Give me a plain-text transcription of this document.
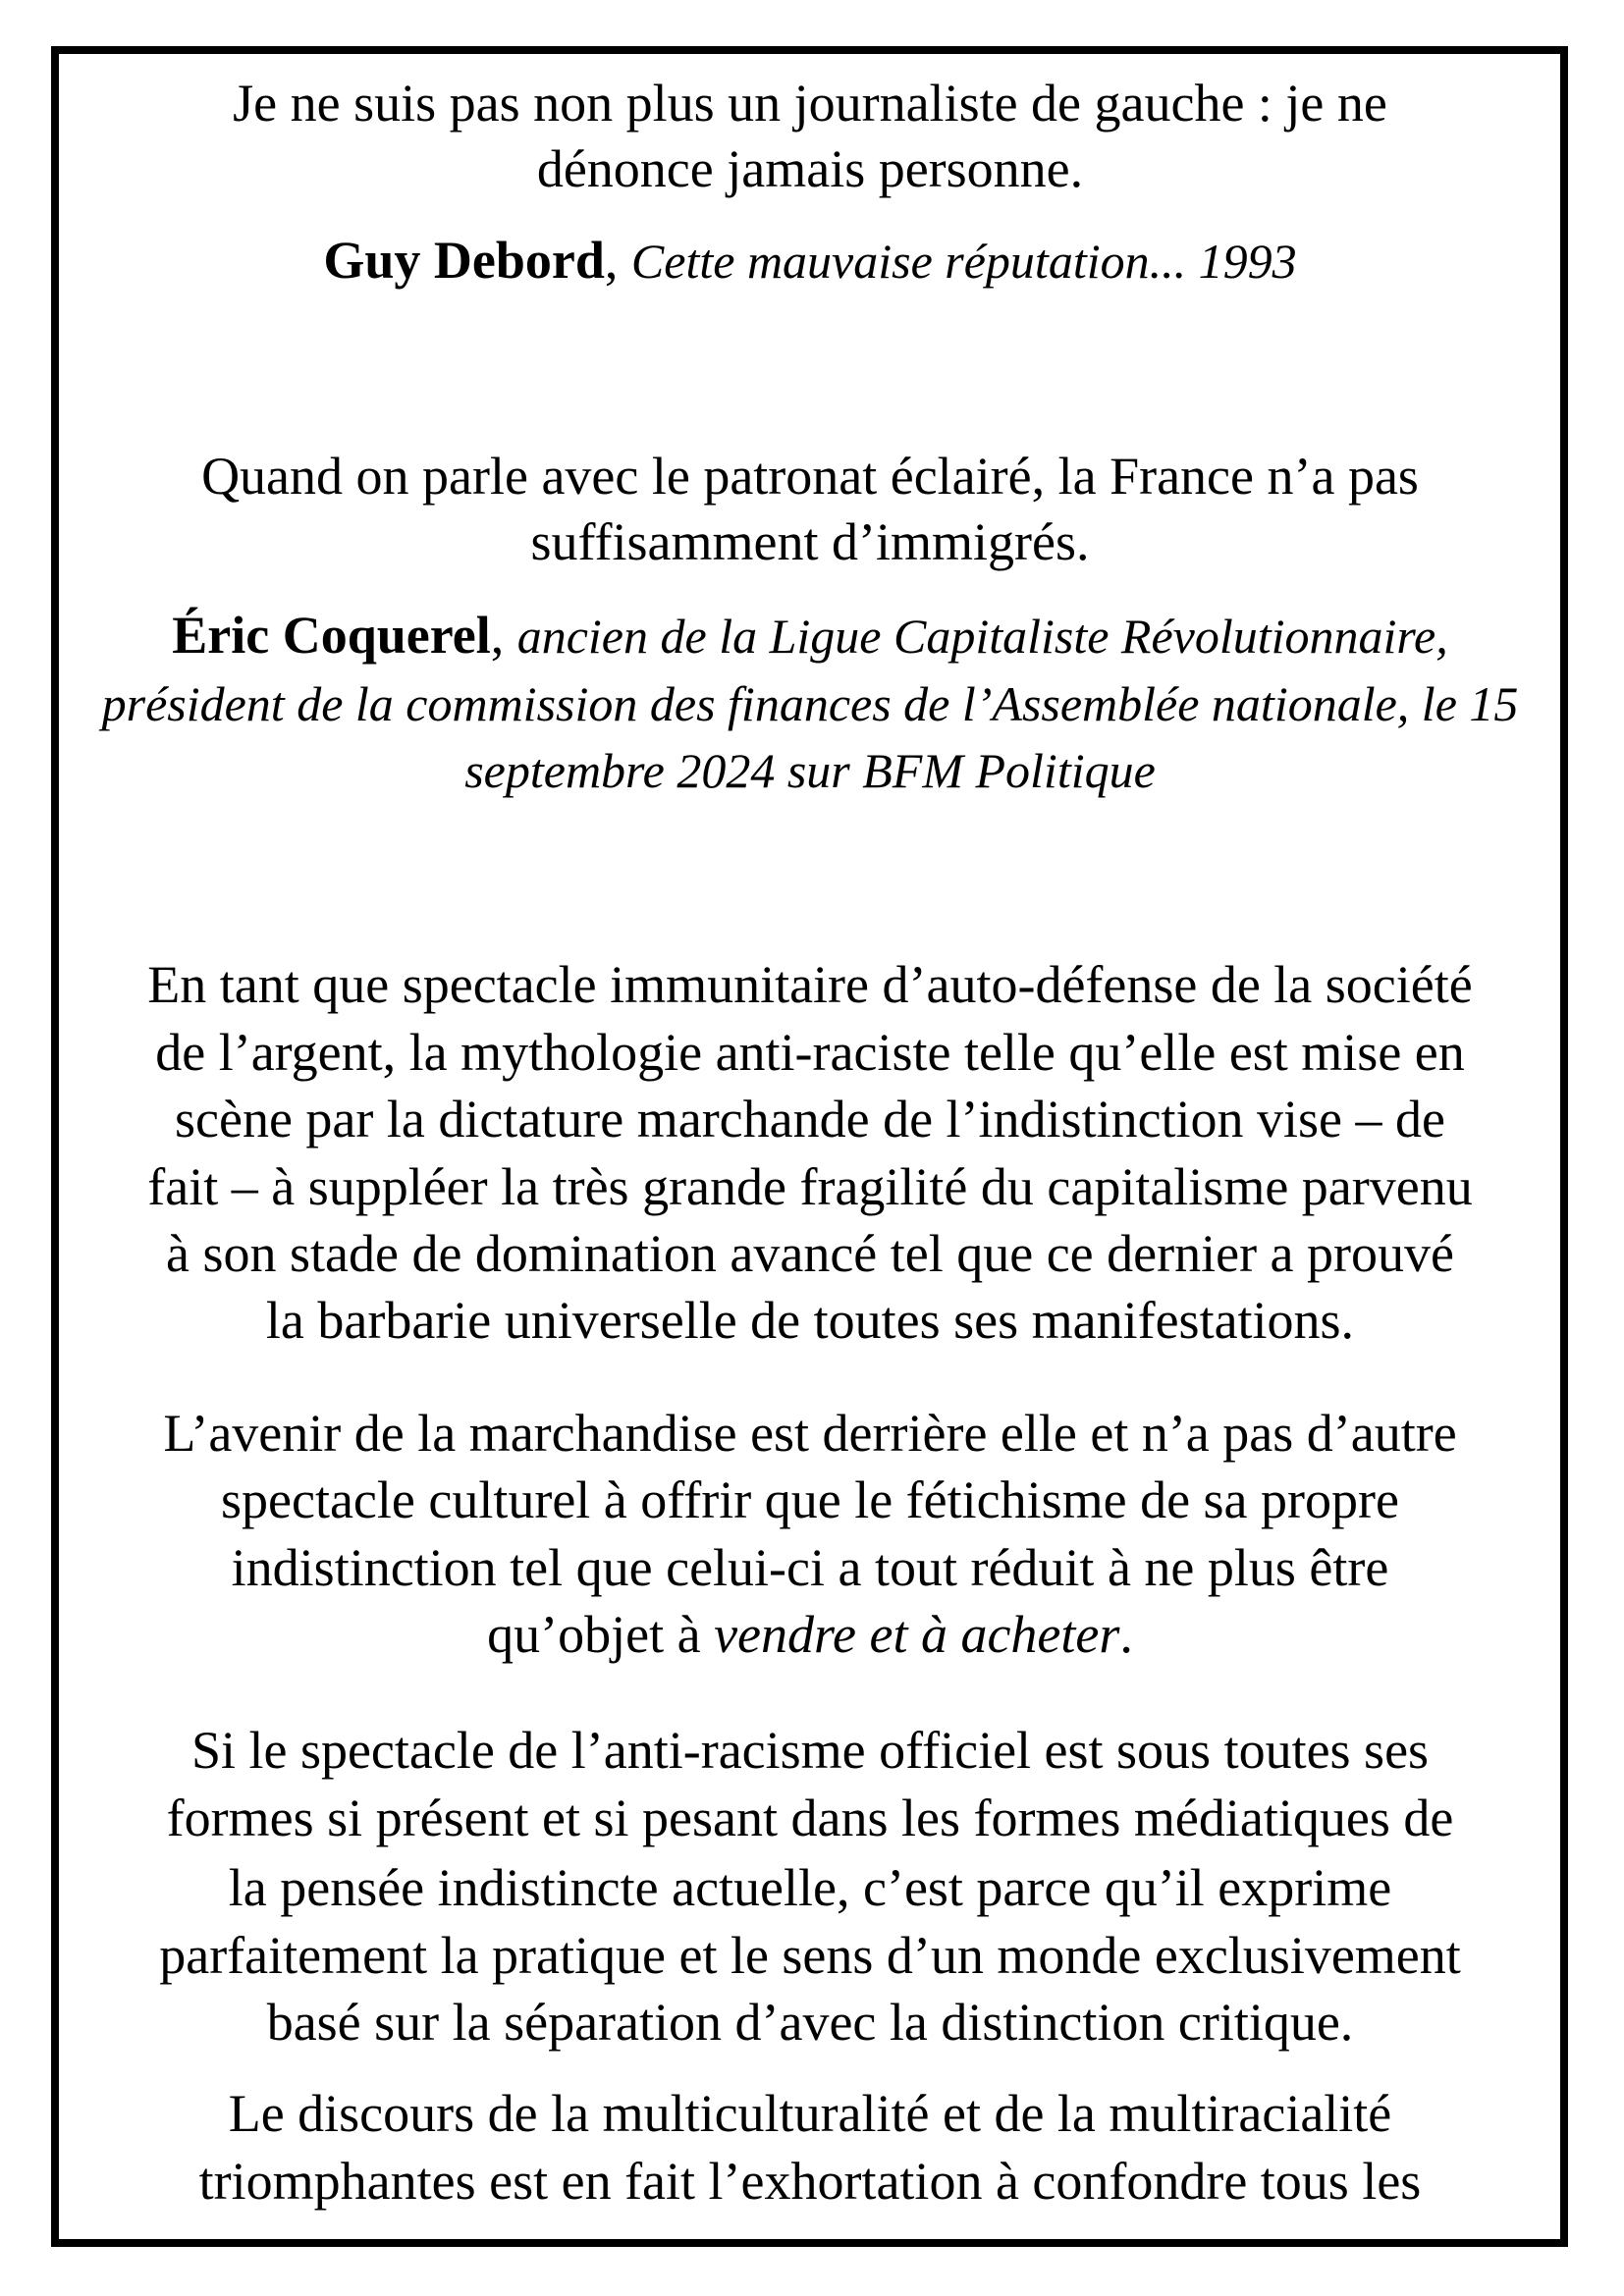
Je ne suis pas non plus un journaliste de gauche : je ne
dénonce jamais personne.
Guy Debord, Cette mauvaise réputation... 1993
Quand on parle avec le patronat éclairé, la France n’a pas
suffisamment d’immigrés.
Éric Coquerel, ancien de la Ligue Capitaliste Révolutionnaire,
président de la commission des finances de l’Assemblée nationale, le 15
septembre 2024 sur BFM Politique
En tant que spectacle immunitaire d’auto-défense de la société
de l’argent, la mythologie anti-raciste telle qu’elle est mise en
scène par la dictature marchande de l’indistinction vise – de
fait – à suppléer la très grande fragilité du capitalisme parvenu
à son stade de domination avancé tel que ce dernier a prouvé
la barbarie universelle de toutes ses manifestations.
L’avenir de la marchandise est derrière elle et n’a pas d’autre
spectacle culturel à offrir que le fétichisme de sa propre
indistinction tel que celui-ci a tout réduit à ne plus être
qu’objet à vendre et à acheter.
Si le spectacle de l’anti-racisme officiel est sous toutes ses
formes si présent et si pesant dans les formes médiatiques de
la pensée indistincte actuelle, c’est parce qu’il exprime
parfaitement la pratique et le sens d’un monde exclusivement
basé sur la séparation d’avec la distinction critique.
Le discours de la multiculturalité et de la multiracialité
triomphantes est en fait l’exhortation à confondre tous les
